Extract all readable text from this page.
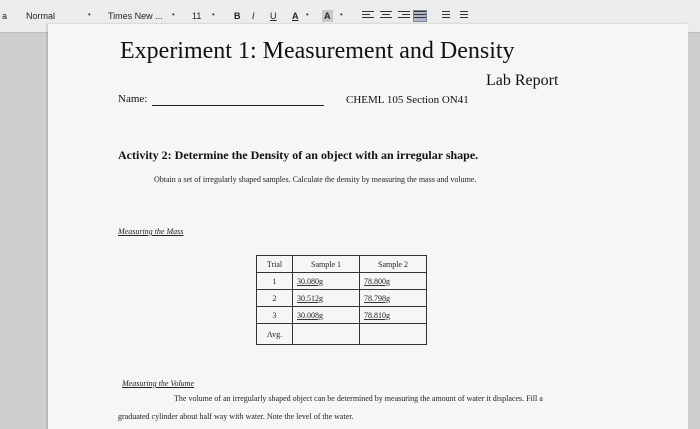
a Normal	• Times New ... • 11 • B I U A • A •
Experiment 1: Measurement and Density
Lab Report
Name:	CHEML 105 Section ON41
Activity 2: Determine the Density of an object with an irregular shape.
Obtain a set of irregularly shaped samples. Calculate the density by measuring the mass and volume.
Measuring the Mass
Trial	Sample 1	Sample 2
1	30.080g	78.800g
2	30.512g	78.798g
3	30.008g	78.810g
Avg.		
Measuring the Volume
The volume of an irregularly shaped object can be determined by measuring the amount of water it displaces. Fill a graduated cylinder about half way with water. Note the level of the water.
